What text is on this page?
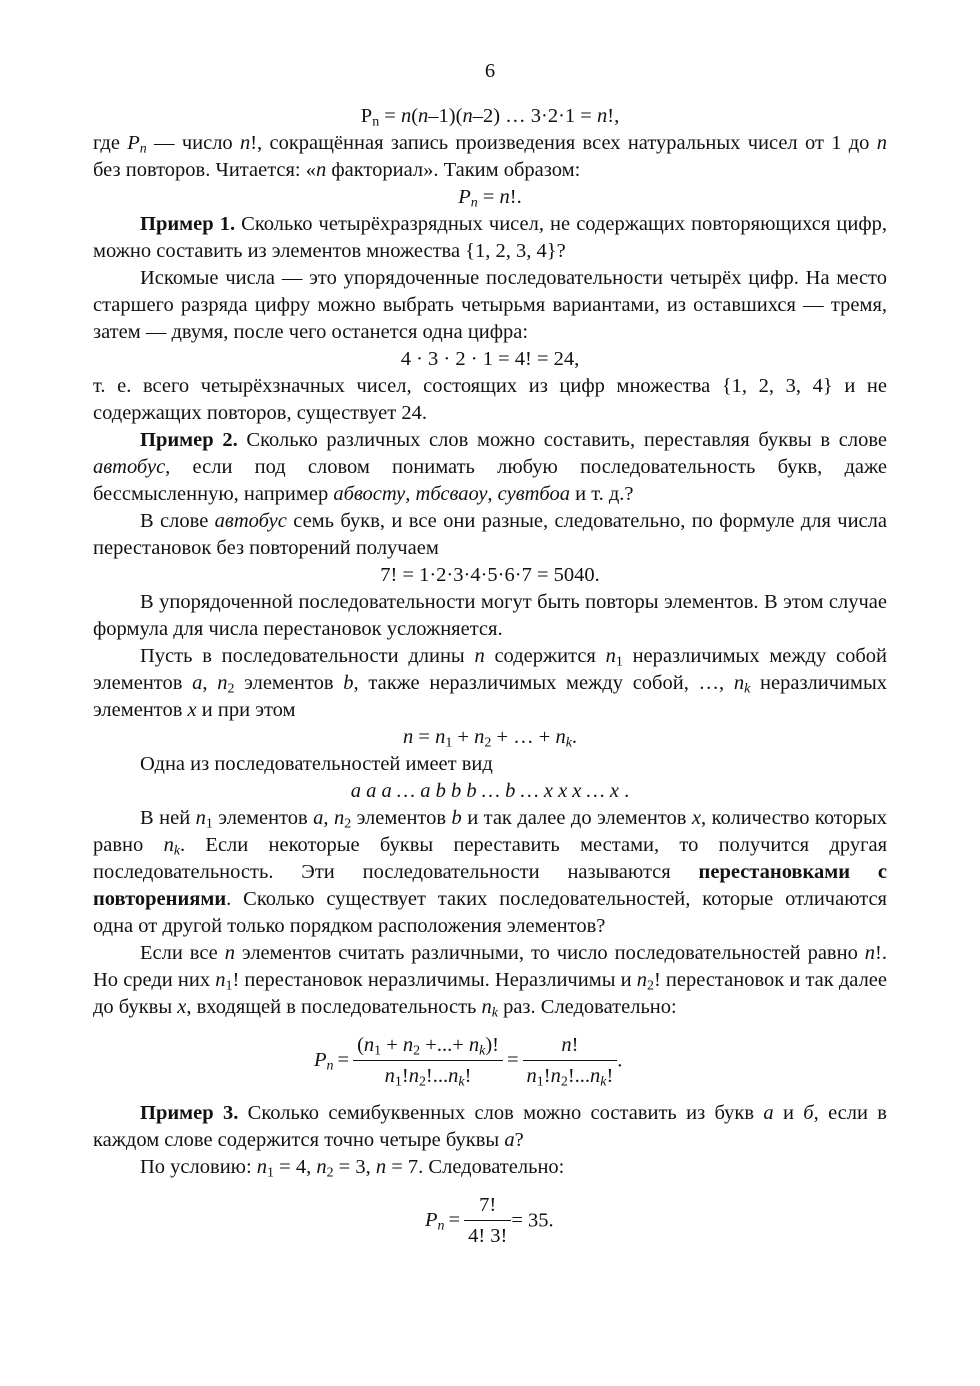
6

$P_n = n(n-1)(n-2)$ … 3·2·1 = n!,

где $P_n$ — число n!, сокращённая запись произведения всех натуральных чисел от 1 до n без повторов. Читается: «n факториал». Таким образом:

$P_n = n$!.

Пример 1. Сколько четырёхразрядных чисел, не содержащих повторяющихся цифр, можно составить из элементов множества {1, 2, 3, 4}?

Искомые числа — это упорядоченные последовательности четырёх цифр. На место старшего разряда цифру можно выбрать четырьмя вариантами, из оставшихся — тремя, затем — двумя, после чего останется одна цифра:

4 · 3 · 2 · 1 = 4! = 24,

т. е. всего четырёхзначных чисел, состоящих из цифр множества {1, 2, 3, 4} и не содержащих повторов, существует 24.

Пример 2. Сколько различных слов можно составить, переставляя буквы в слове автобус, если под словом понимать любую последовательность букв, даже бессмысленную, например абвосту, тбсваоу, сувтбоа и т. д.?

В слове автобус семь букв, и все они разные, следовательно, по формуле для числа перестановок без повторений получаем

7! = 1·2·3·4·5·6·7 = 5040.

В упорядоченной последовательности могут быть повторы элементов. В этом случае формула для числа перестановок усложняется.

Пусть в последовательности длины n содержится $n_1$ неразличимых между собой элементов a, $n_2$ элементов b, также неразличимых между собой, …, $n_k$ неразличимых элементов x и при этом

$n = n_1 + n_2$ + … + $n_k$.

Одна из последовательностей имеет вид

a a a … a b b b … b … x x x … x .

В ней $n_1$ элементов a, $n_2$ элементов b и так далее до элементов x, количество которых равно $n_k$. Если некоторые буквы переставить местами, то получится другая последовательность. Эти последовательности называются перестановками с повторениями. Сколько существует таких последовательностей, которые отличаются одна от другой только порядком расположения элементов?

Если все n элементов считать различными, то число последовательностей равно n!. Но среди них $n_1$! перестановок неразличимы. Неразличимы и $n_2$! перестановок и так далее до буквы x, входящей в последовательность $n_k$ раз. Следовательно:

$P_n = \frac{(n_1 + n_2 +...+ n_k)!}{n_1!n_2!...n_k!} = \frac{n!}{n_1!n_2!...n_k!}$ .

Пример 3. Сколько семибуквенных слов можно составить из букв а и б, если в каждом слове содержится точно четыре буквы а?

По условию: $n_1 = 4$, $n_2 = 3$, n = 7. Следовательно:

$P_n = \frac{7!}{4! 3!} = 35$.
